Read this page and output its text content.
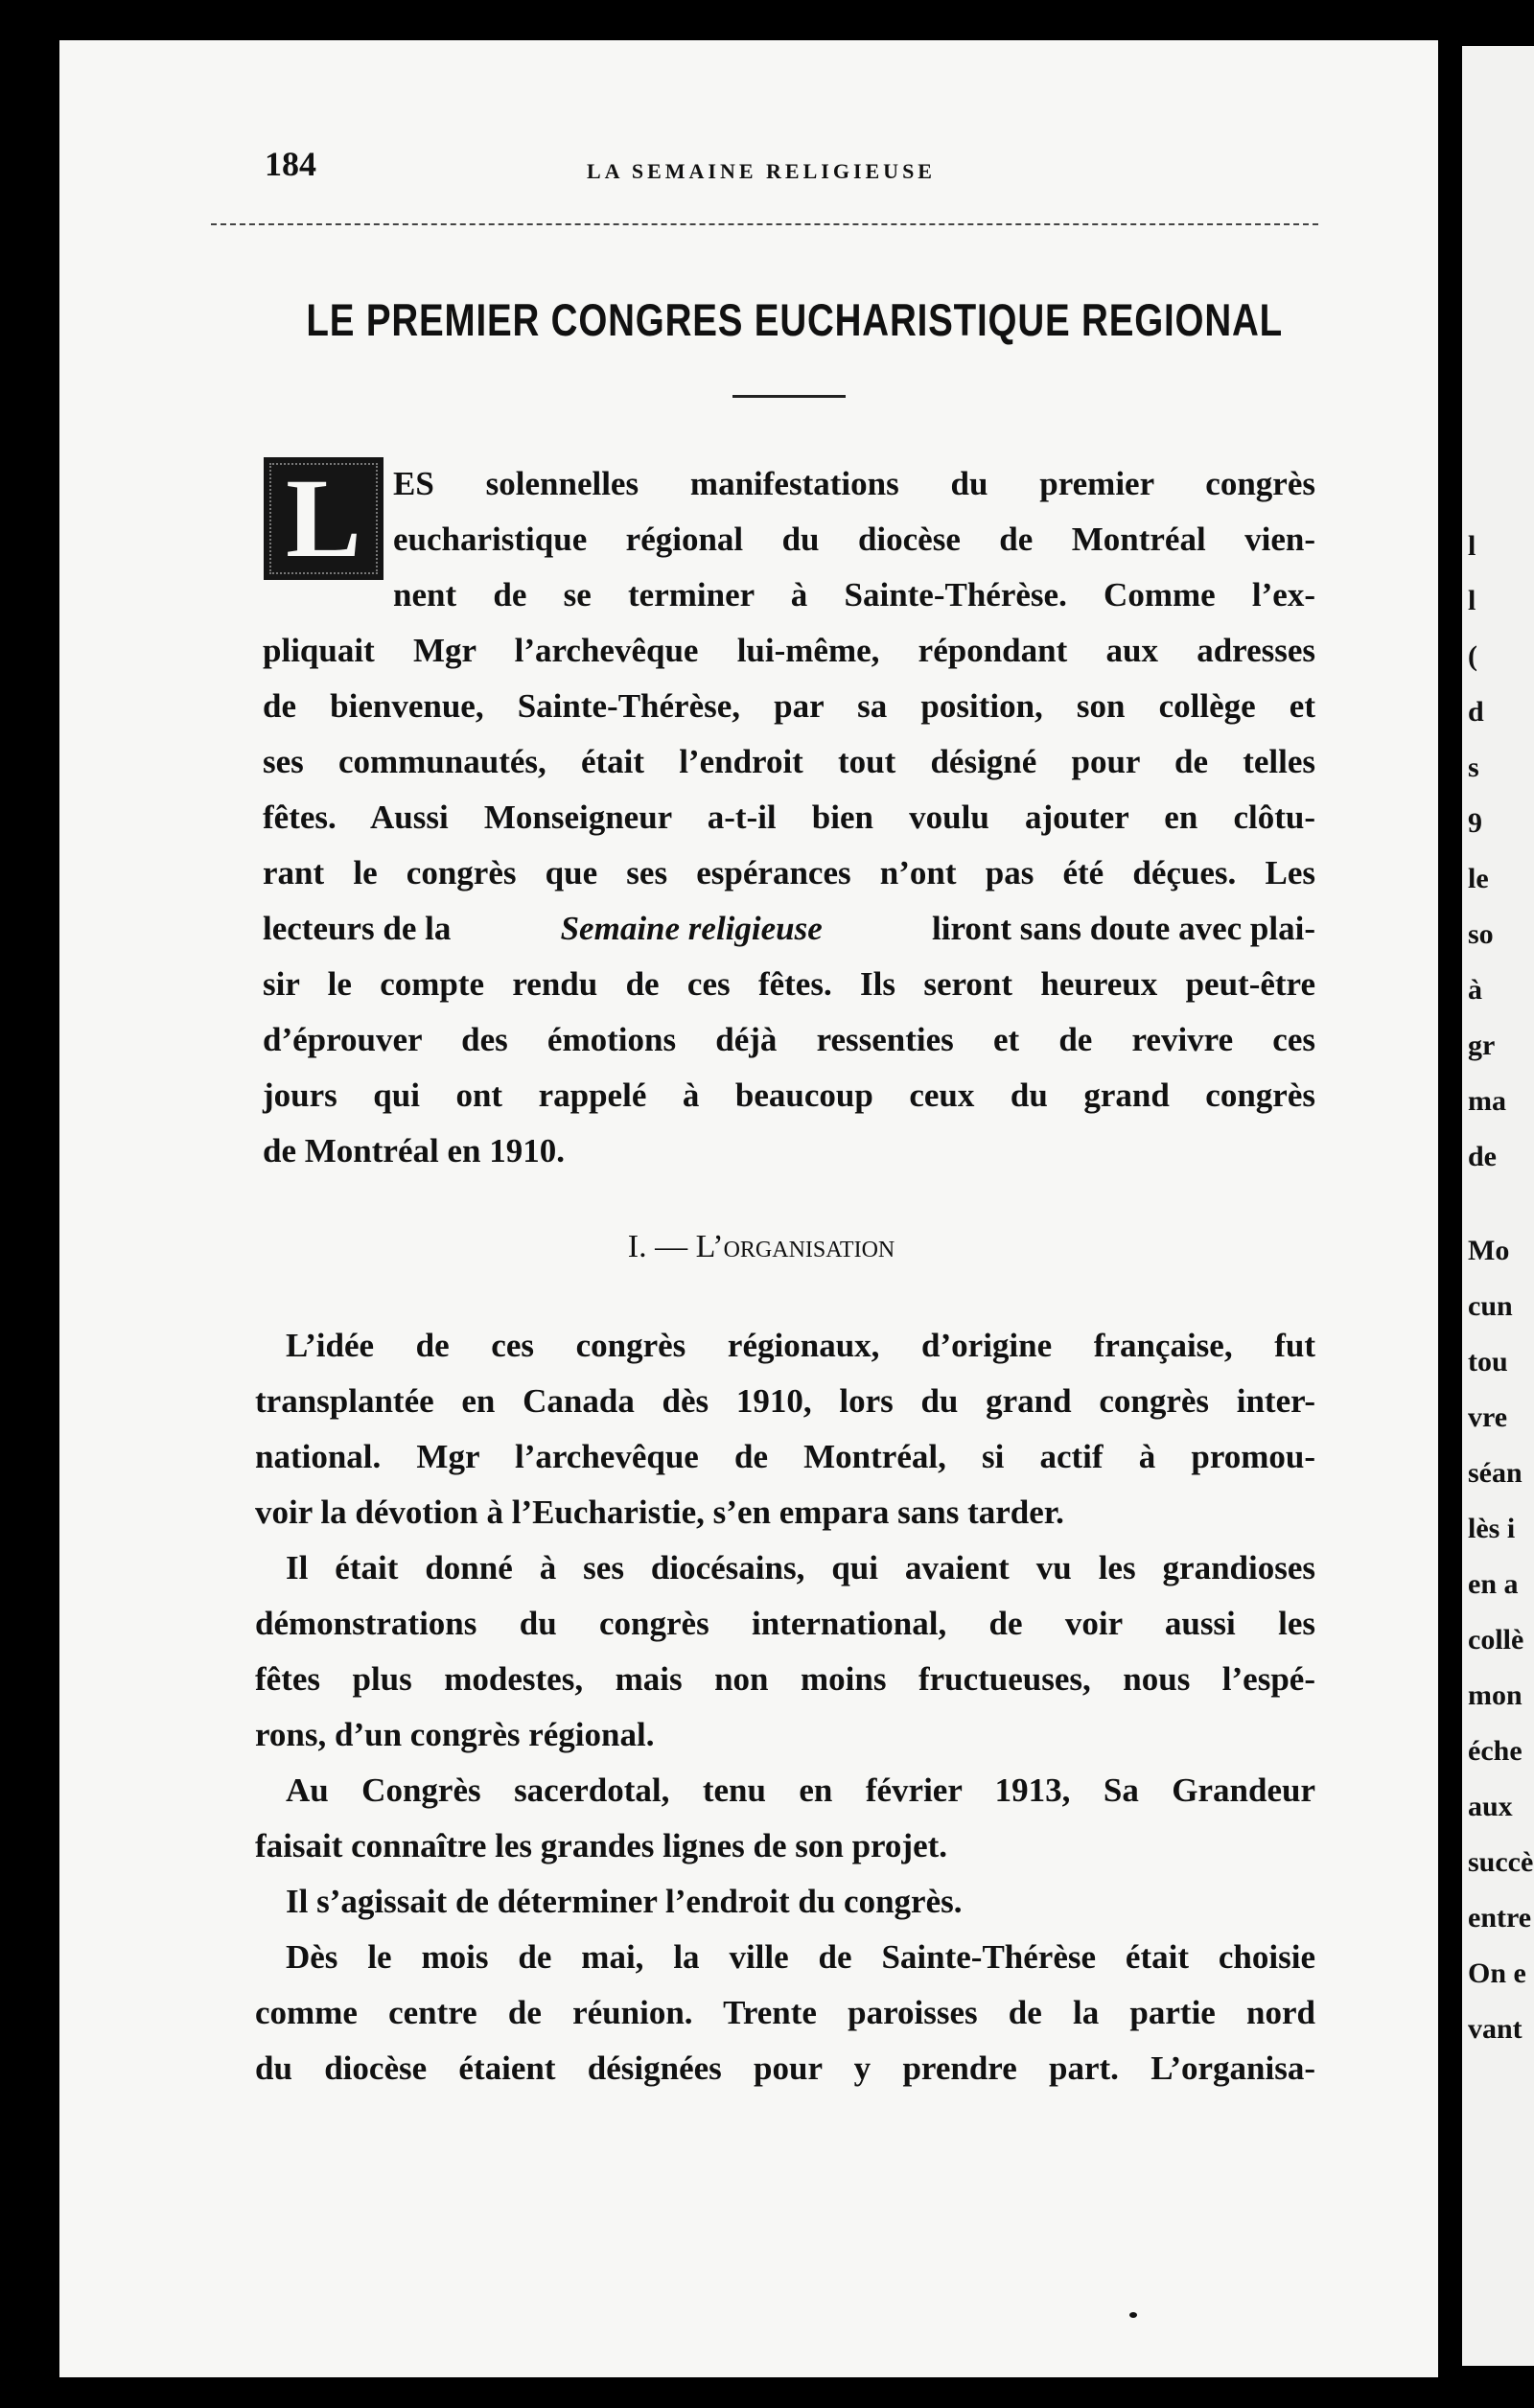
l
l
(
d
s
9
le
so
à
gr
ma
de
Mo
cun
tou
vre
séan
lès i
en a
collè
mon
éche
aux
succè
entre
On e
vant
184	LA SEMAINE RELIGIEUSE
LE PREMIER CONGRES EUCHARISTIQUE REGIONAL
L ES solennelles manifestations du premier congrès
eucharistique régional du diocèse de Montréal vien-
nent de se terminer à Sainte-Thérèse. Comme l’ex-
pliquait Mgr l’archevêque lui-même, répondant aux adresses
de bienvenue, Sainte-Thérèse, par sa position, son collège et
ses communautés, était l’endroit tout désigné pour de telles
fêtes. Aussi Monseigneur a-t-il bien voulu ajouter en clôtu-
rant le congrès que ses espérances n’ont pas été déçues. Les
lecteurs de la	Semaine religieuse	liront sans doute avec plai-
sir le compte rendu de ces fêtes. Ils seront heureux peut-être
d’éprouver des émotions déjà ressenties et de revivre ces
jours qui ont rappelé à beaucoup ceux du grand congrès
de Montréal en 1910.
I. — L’organisation
L’idée de ces congrès régionaux, d’origine française, fut
transplantée en Canada dès 1910, lors du grand congrès inter-
national. Mgr l’archevêque de Montréal, si actif à promou-
voir la dévotion à l’Eucharistie, s’en empara sans tarder.
Il était donné à ses diocésains, qui avaient vu les grandioses
démonstrations du congrès international, de voir aussi les
fêtes plus modestes, mais non moins fructueuses, nous l’espé-
rons, d’un congrès régional.
Au Congrès sacerdotal, tenu en février 1913, Sa Grandeur
faisait connaître les grandes lignes de son projet.
Il s’agissait de déterminer l’endroit du congrès.
Dès le mois de mai, la ville de Sainte-Thérèse était choisie
comme centre de réunion. Trente paroisses de la partie nord
du diocèse étaient désignées pour y prendre part. L’organisa-
